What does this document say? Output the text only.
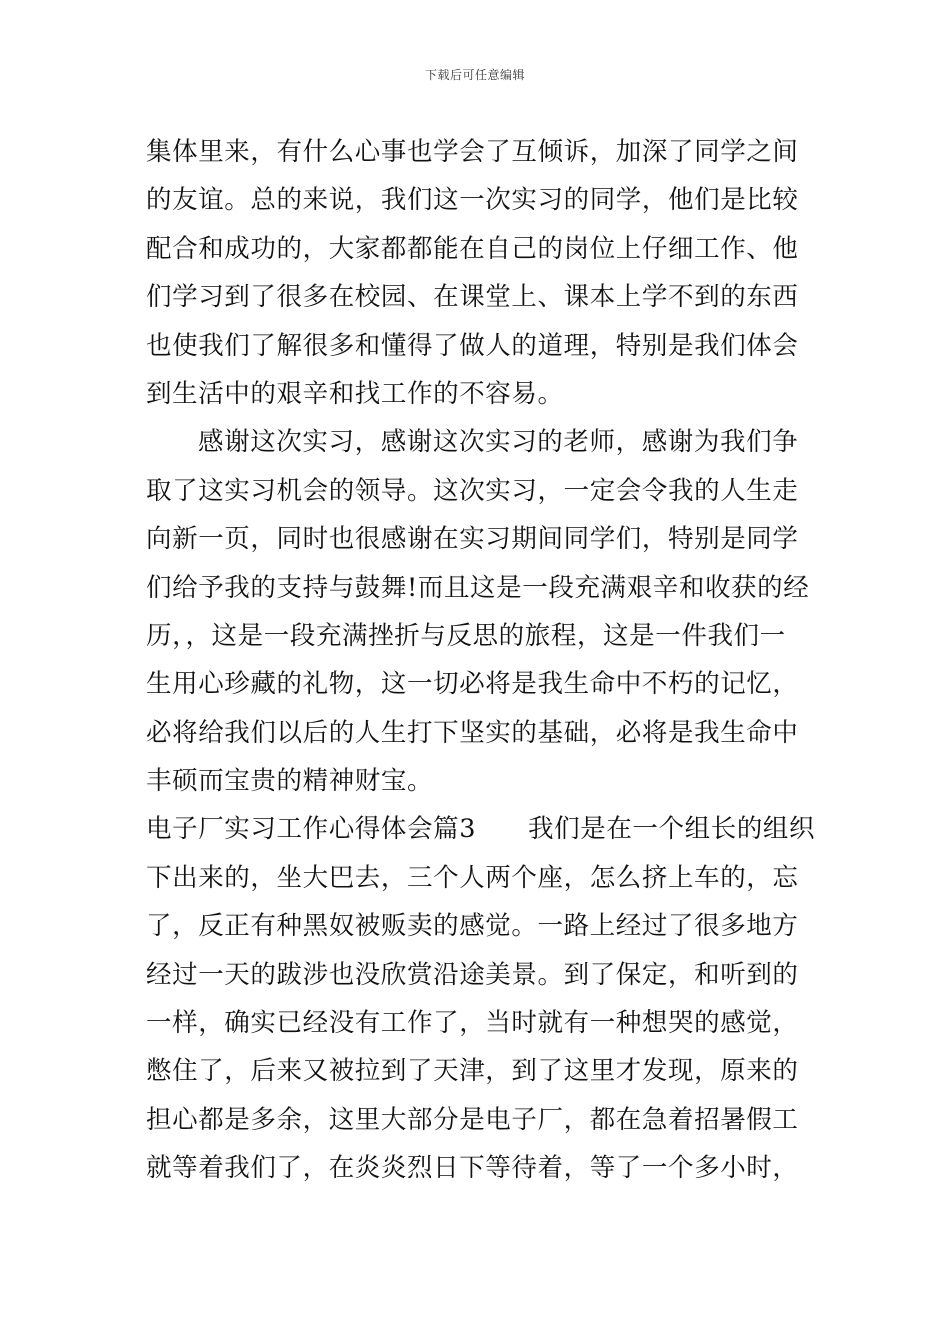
下载后可任意编辑
集体里来，有什么心事也学会了互倾诉，加深了同学之间
的友谊。总的来说，我们这一次实习的同学，他们是比较
配合和成功的，大家都都能在自己的岗位上仔细工作、他
们学习到了很多在校园、在课堂上、课本上学不到的东西
也使我们了解很多和懂得了做人的道理，特别是我们体会
到生活中的艰辛和找工作的不容易。
感谢这次实习，感谢这次实习的老师，感谢为我们争
取了这实习机会的领导。这次实习，一定会令我的人生走
向新一页，同时也很感谢在实习期间同学们，特别是同学
们给予我的支持与鼓舞!而且这是一段充满艰辛和收获的经
历，，这是一段充满挫折与反思的旅程，这是一件我们一
生用心珍藏的礼物，这一切必将是我生命中不朽的记忆，
必将给我们以后的人生打下坚实的基础，必将是我生命中
丰硕而宝贵的精神财宝。
电子厂实习工作心得体会篇3 我们是在一个组长的组织
下出来的，坐大巴去，三个人两个座，怎么挤上车的，忘
了，反正有种黑奴被贩卖的感觉。一路上经过了很多地方
经过一天的跋涉也没欣赏沿途美景。到了保定，和听到的
一样，确实已经没有工作了，当时就有一种想哭的感觉，
憋住了，后来又被拉到了天津，到了这里才发现，原来的
担心都是多余，这里大部分是电子厂，都在急着招暑假工
就等着我们了，在炎炎烈日下等待着，等了一个多小时，
